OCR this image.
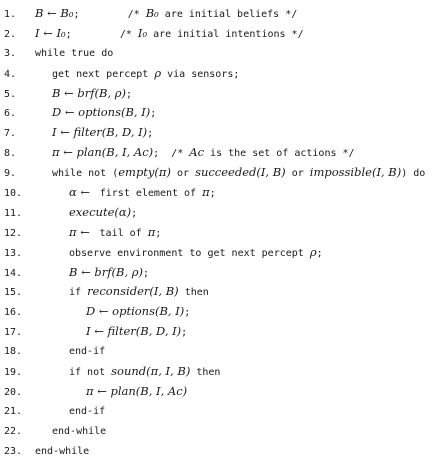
1. B ← B₀;        /* B₀ are initial beliefs */
2. I ← I₀;        /* I₀ are initial intentions */
3. while true do
4.	get next percept ρ via sensors;
5.	B ← brf(B, ρ);
6.	D ← options(B, I);
7.	I ← filter(B, D, I);
8.	π ← plan(B, I, Ac);  /* Ac is the set of actions */
9.	while not (empty(π) or succeeded(I, B) or impossible(I, B)) do
10.	α ←  first element of π;
11.	execute(α);
12.	π ←  tail of π;
13.	observe environment to get next percept ρ;
14.	B ← brf(B, ρ);
15.	if reconsider(I, B) then
16.	D ← options(B, I);
17.	I ← filter(B, D, I);
18.	end-if
19.	if not sound(π, I, B) then
20.	π ← plan(B, I, Ac)
21.	end-if
22.	end-while
23. end-while
